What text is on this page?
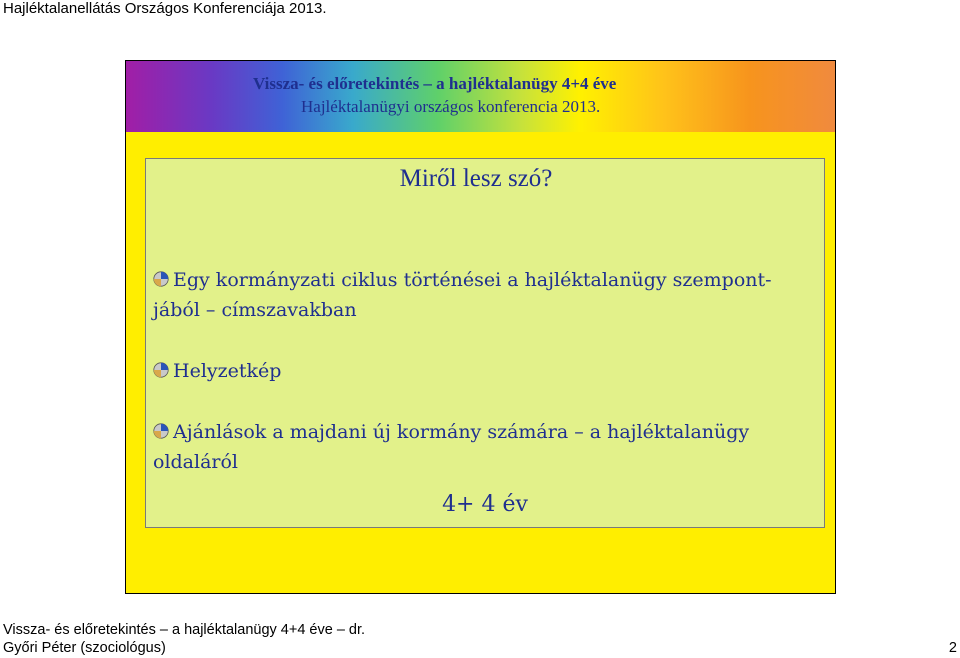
Hajléktalanellátás Országos Konferenciája 2013.
Vissza- és előretekintés – a hajléktalanügy 4+4 éve
Hajléktalanügyi országos konferencia 2013.
Miről lesz szó?
Egy kormányzati ciklus történései a hajléktalanügy szempont-
jából – címszavakban
Helyzetkép
Ajánlások a majdani új kormány számára – a hajléktalanügy
oldaláról
4+ 4 év
Vissza- és előretekintés – a hajléktalanügy 4+4 éve – dr.
Győri Péter (szociológus)	2
